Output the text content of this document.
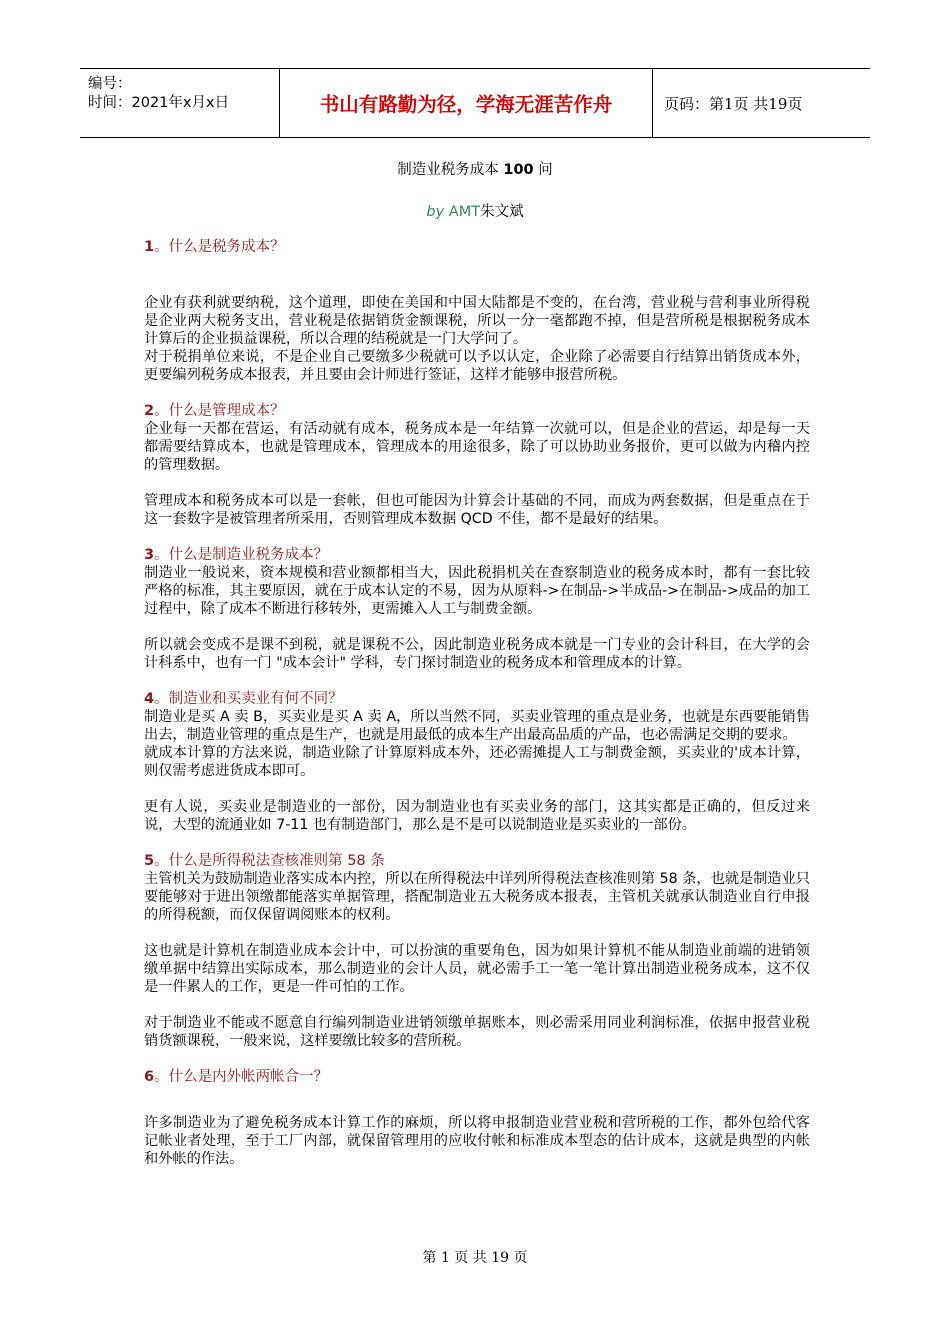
编号：
时间：2021年x月x日	书山有路勤为径，学海无涯苦作舟	页码：第1页 共19页
制造业税务成本 100 问
by AMT朱文斌
1。什么是税务成本？

企业有获利就要纳税，这个道理，即使在美国和中国大陆都是不变的，在台湾，营业税与营利事业所得税是企业两大税务支出，营业税是依据销货金额课税，所以一分一毫都跑不掉，但是营所税是根据税务成本计算后的企业损益课税，所以合理的结税就是一门大学问了。

对于税捐单位来说，不是企业自己要缴多少税就可以予以认定，企业除了必需要自行结算出销货成本外，更要编列税务成本报表，并且要由会计师进行签证，这样才能够申报营所税。

2。什么是管理成本？

企业每一天都在营运，有活动就有成本，税务成本是一年结算一次就可以，但是企业的营运，却是每一天都需要结算成本，也就是管理成本，管理成本的用途很多，除了可以协助业务报价，更可以做为内稽内控的管理数据。

管理成本和税务成本可以是一套帐，但也可能因为计算会计基础的不同，而成为两套数据，但是重点在于这一套数字是被管理者所采用，否则管理成本数据 QCD 不佳，都不是最好的结果。

3。什么是制造业税务成本？

制造业一般说来，资本规模和营业额都相当大，因此税捐机关在查察制造业的税务成本时，都有一套比较严格的标准，其主要原因，就在于成本认定的不易，因为从原料->在制品->半成品->在制品->成品的加工过程中，除了成本不断进行移转外，更需摊入人工与制费金额。

所以就会变成不是课不到税，就是课税不公，因此制造业税务成本就是一门专业的会计科目，在大学的会计科系中，也有一门 "成本会计" 学科，专门探讨制造业的税务成本和管理成本的计算。

4。制造业和买卖业有何不同？

制造业是买 A 卖 B，买卖业是买 A 卖 A，所以当然不同，买卖业管理的重点是业务，也就是东西要能销售出去，制造业管理的重点是生产，也就是用最低的成本生产出最高品质的产品，也必需满足交期的要求。

就成本计算的方法来说，制造业除了计算原料成本外，还必需摊提人工与制费金额，买卖业的'成本计算，则仅需考虑进货成本即可。

更有人说，买卖业是制造业的一部份，因为制造业也有买卖业务的部门，这其实都是正确的，但反过来说，大型的流通业如 7-11 也有制造部门，那么是不是可以说制造业是买卖业的一部份。

5。什么是所得税法查核准则第 58 条

主管机关为鼓励制造业落实成本内控，所以在所得税法中详列所得税法查核准则第 58 条，也就是制造业只要能够对于进出领缴都能落实单据管理，搭配制造业五大税务成本报表，主管机关就承认制造业自行申报的所得税额，而仅保留调阅账本的权利。

这也就是计算机在制造业成本会计中，可以扮演的重要角色，因为如果计算机不能从制造业前端的进销领缴单据中结算出实际成本，那么制造业的会计人员，就必需手工一笔一笔计算出制造业税务成本，这不仅是一件累人的工作，更是一件可怕的工作。

对于制造业不能或不愿意自行编列制造业进销领缴单据账本，则必需采用同业利润标准，依据申报营业税销货额课税，一般来说，这样要缴比较多的营所税。

6。什么是内外帐两帐合一？

许多制造业为了避免税务成本计算工作的麻烦，所以将申报制造业营业税和营所税的工作，都外包给代客记帐业者处理，至于工厂内部，就保留管理用的应收付帐和标准成本型态的估计成本，这就是典型的内帐和外帐的作法。

第 1 页 共 19 页
